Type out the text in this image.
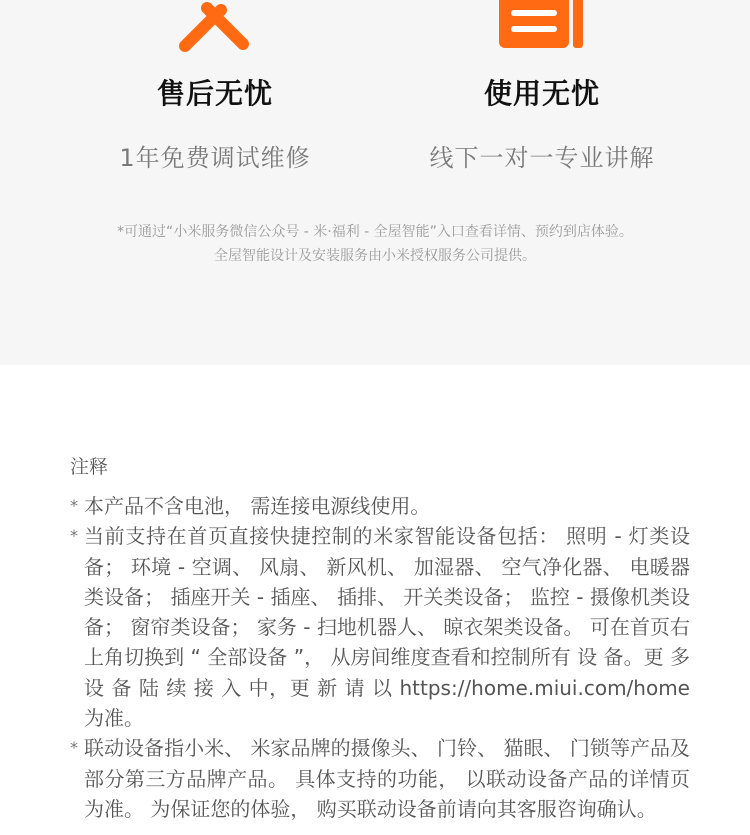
售后无忧
1年免费调试维修
使用无忧
线下一对一专业讲解
*可通过“小米服务微信公众号 - 米·福利 - 全屋智能”入口查看详情、预约到店体验。
全屋智能设计及安装服务由小米授权服务公司提供。
注释
* 本产品不含电池， 需连接电源线使用。
* 当前支持在首页直接快捷控制的米家智能设备包括： 照明 - 灯类设备； 环境 - 空调、 风扇、 新风机、 加湿器、 空气净化器、 电暖器类设备； 插座开关 - 插座、 插排、 开关类设备； 监控 - 摄像机类设备； 窗帘类设备； 家务 - 扫地机器人、 晾衣架类设备。 可在首页右上角切换到 “ 全部设备 ”， 从房间维度查看和控制所有 设 备。更 多 设 备 陆 续 接 入 中，更 新 请 以 https://home.miui.com/home 为准。
* 联动设备指小米、 米家品牌的摄像头、 门铃、 猫眼、 门锁等产品及部分第三方品牌产品。 具体支持的功能， 以联动设备产品的详情页为准。 为保证您的体验， 购买联动设备前请向其客服咨询确认。
